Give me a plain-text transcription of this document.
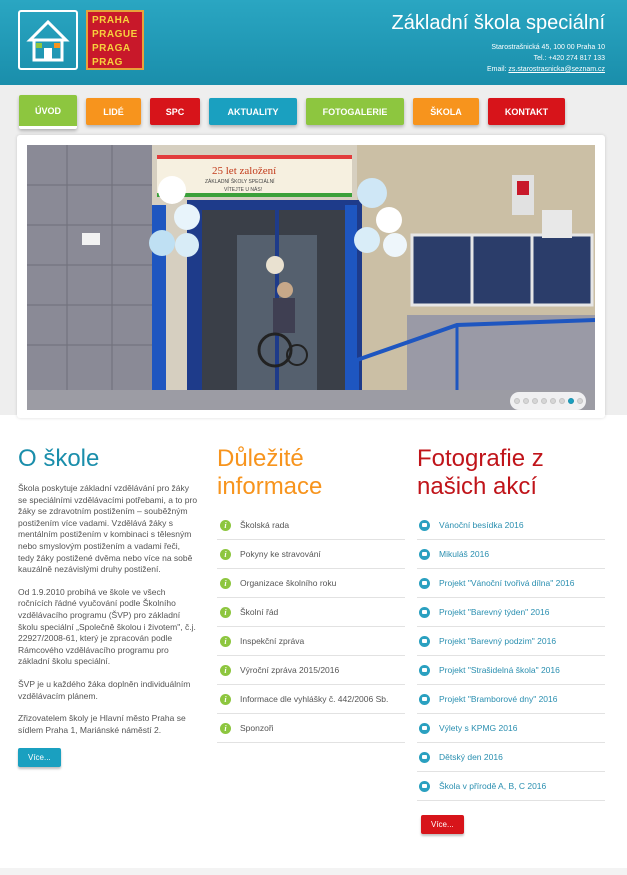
PRAHA
PRAGUE
PRAGA
PRAG
Základní škola speciální
Starostrašnická 45, 100 00 Praha 10
Tel.: +420 274 817 133
Email: zs.starostrasnicka@seznam.cz
ÚVOD	LIDÉ	SPC	AKTUALITY	FOTOGALERIE	ŠKOLA	KONTAKT
25 let založení
ZÁKLADNÍ ŠKOLY SPECIÁLNÍ
VÍTEJTE U NÁS!
O škole

Škola poskytuje základní vzdělávání pro žáky se speciálními vzdělávacími potřebami, a to pro žáky se zdravotním postižením – souběžným postižením více vadami. Vzdělává žáky s mentálním postižením v kombinaci s tělesným nebo smyslovým postižením a vadami řeči, tedy žáky postižené dvěma nebo více na sobě kauzálně nezávislými druhy postižení.

Od 1.9.2010 probíhá ve škole ve všech ročnících řádné vyučování podle Školního vzdělávacího programu (ŠVP) pro základní školu speciální „Společně školou i životem", č.j. 22927/2008-61, který je zpracován podle Rámcového vzdělávacího programu pro základní školu speciální.

ŠVP je u každého žáka doplněn individuálním vzdělávacím plánem.

Zřizovatelem školy je Hlavní město Praha se sídlem Praha 1, Mariánské náměstí 2.

Více...
Důležité
informace
i	Školská rada
i	Pokyny ke stravování
i	Organizace školního roku
i	Školní řád
i	Inspekční zpráva
i	Výroční zpráva 2015/2016
i	Informace dle vyhlášky č. 442/2006 Sb.
i	Sponzoři
Fotografie z
našich akcí
Vánoční besídka 2016
Mikuláš 2016
Projekt "Vánoční tvořivá dílna" 2016
Projekt "Barevný týden" 2016
Projekt "Barevný podzim" 2016
Projekt "Strašidelná škola" 2016
Projekt "Bramborové dny" 2016
Výlety s KPMG 2016
Dětský den 2016
Škola v přírodě A, B, C 2016
Více...
